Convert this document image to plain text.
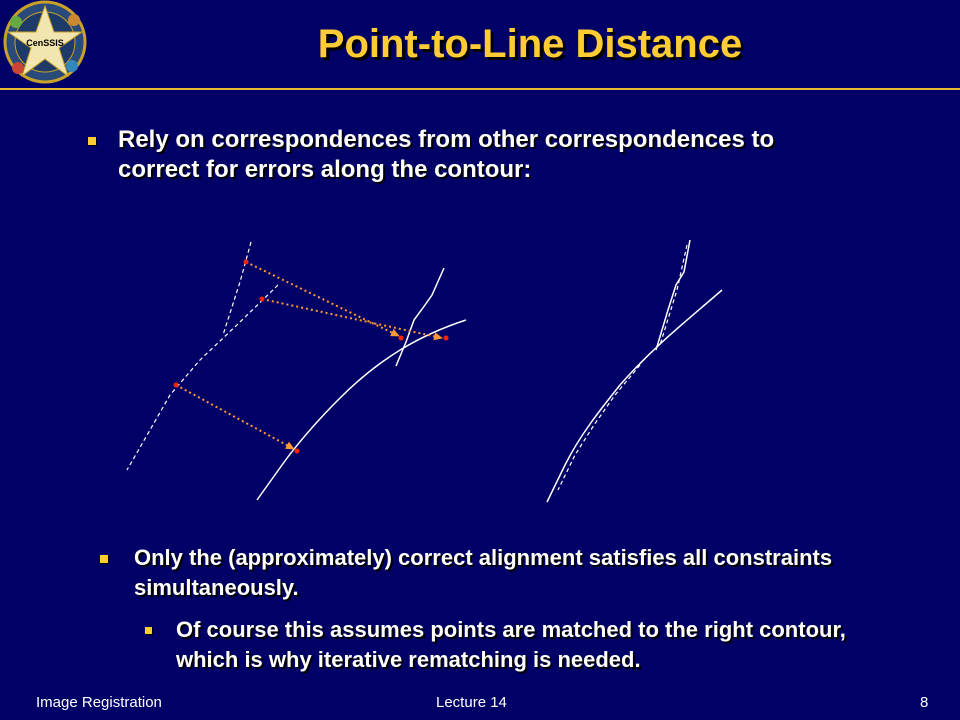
CenSSIS	Point-to-Line Distance
Rely on correspondences from other correspondences to correct for errors along the contour:
Only the (approximately) correct alignment satisfies all constraints simultaneously.
Of course this assumes points are matched to the right contour, which is why iterative rematching is needed.
Image Registration	Lecture 14	8
